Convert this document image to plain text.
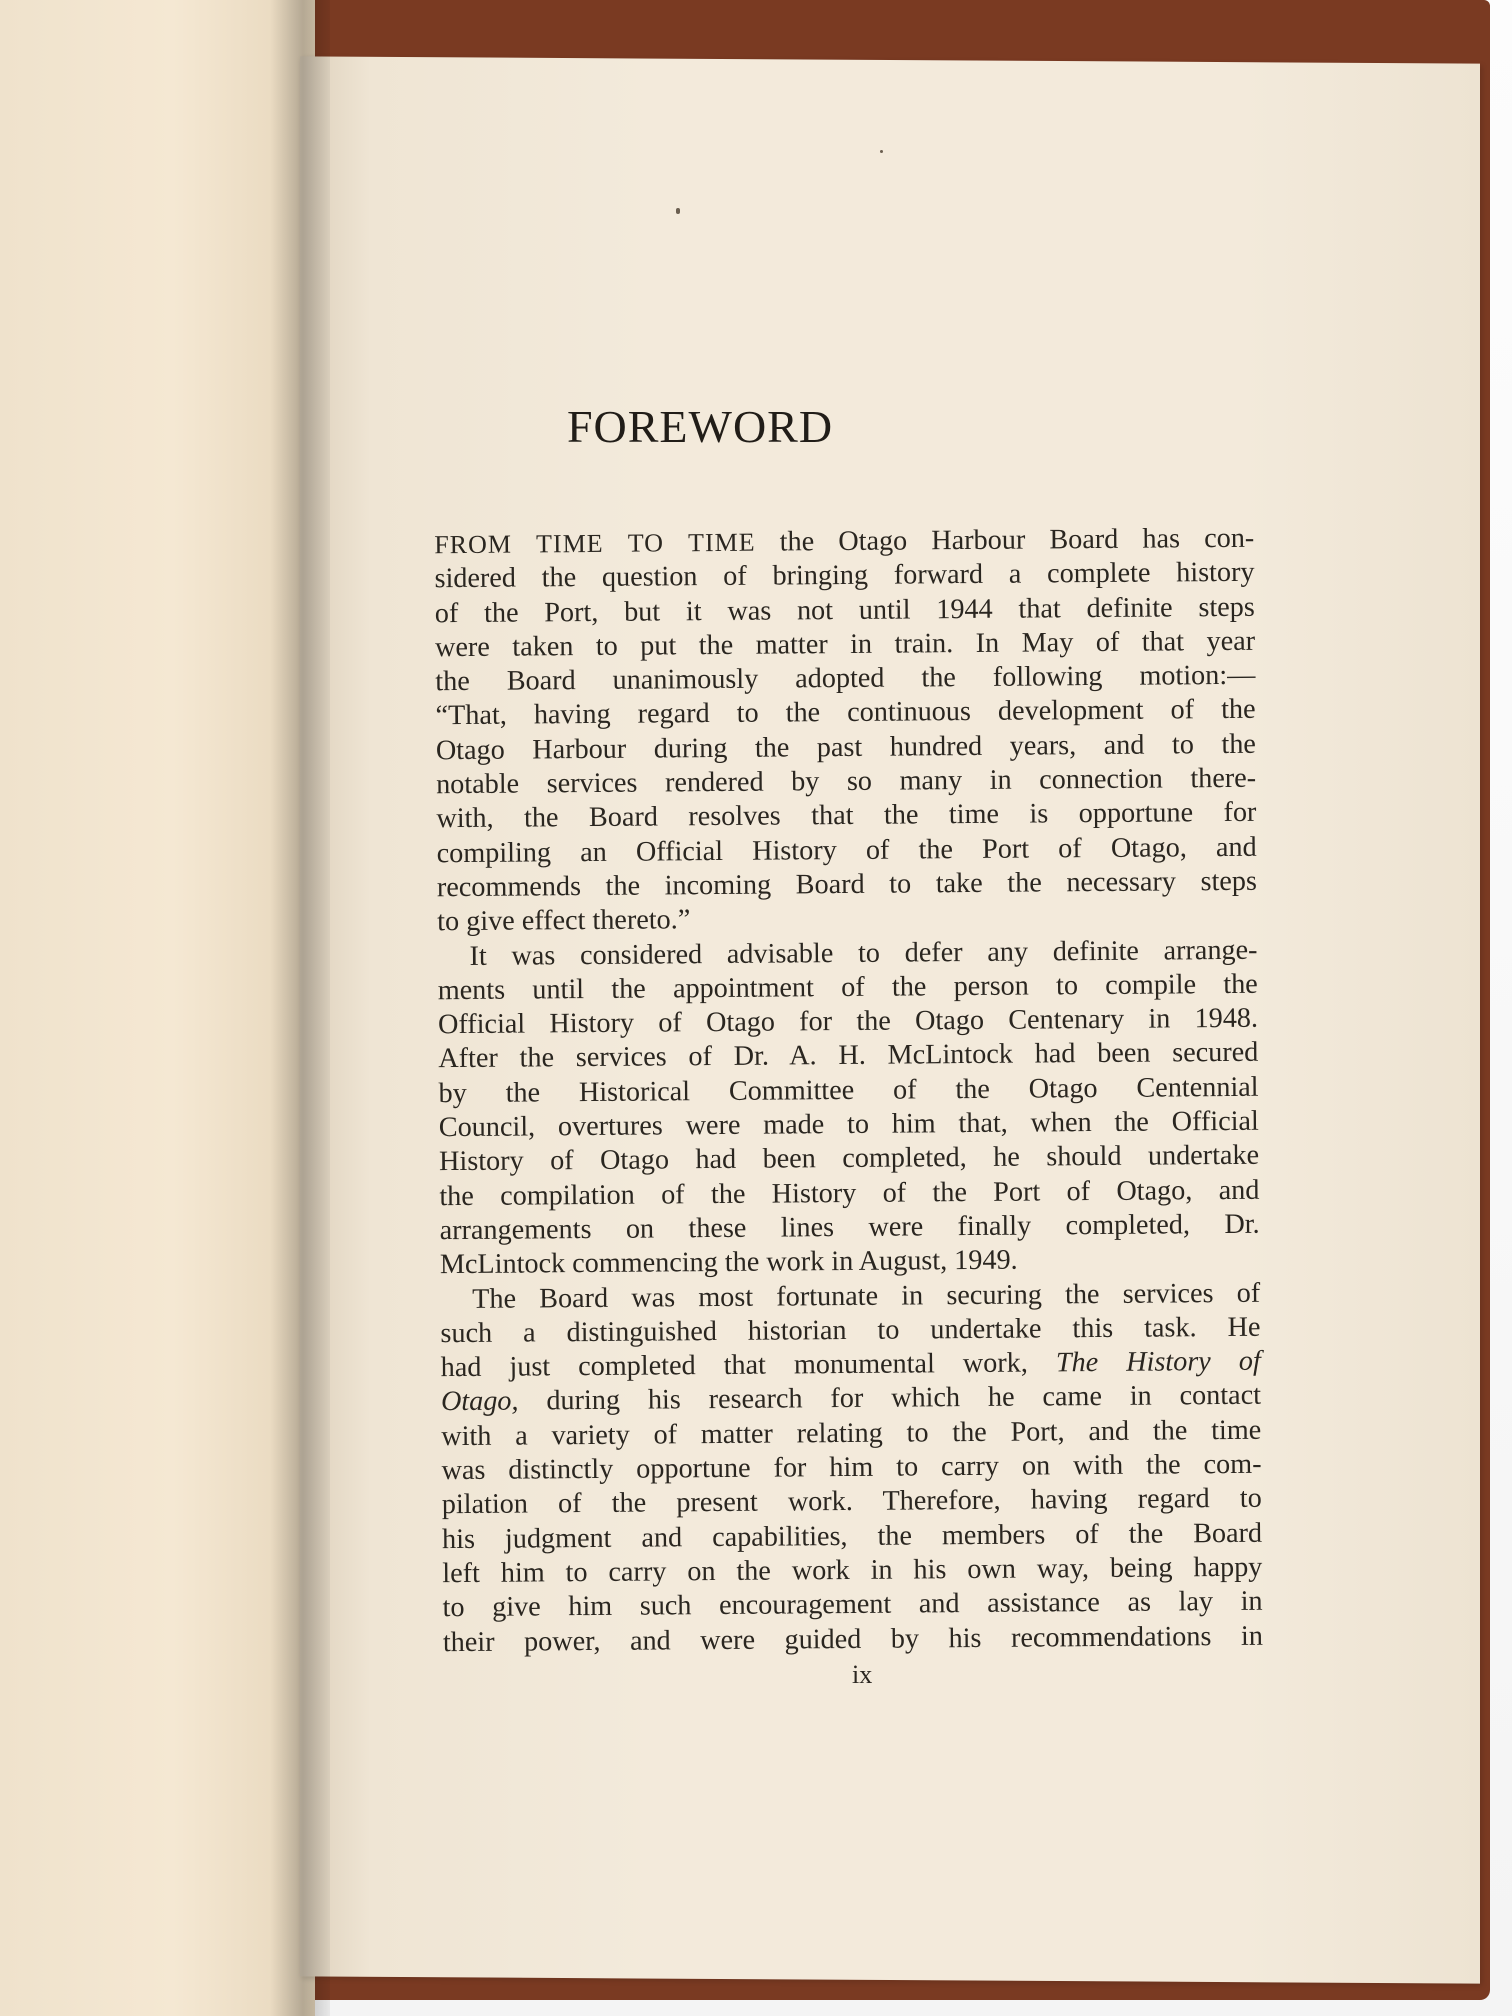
FOREWORD
FROM TIME TO TIME the Otago Harbour Board has con-
sidered the question of bringing forward a complete history
of the Port, but it was not until 1944 that definite steps
were taken to put the matter in train. In May of that year
the Board unanimously adopted the following motion:—
“That, having regard to the continuous development of the
Otago Harbour during the past hundred years, and to the
notable services rendered by so many in connection there-
with, the Board resolves that the time is opportune for
compiling an Official History of the Port of Otago, and
recommends the incoming Board to take the necessary steps
to give effect thereto.”
It was considered advisable to defer any definite arrange-
ments until the appointment of the person to compile the
Official History of Otago for the Otago Centenary in 1948.
After the services of Dr. A. H. McLintock had been secured
by the Historical Committee of the Otago Centennial
Council, overtures were made to him that, when the Official
History of Otago had been completed, he should undertake
the compilation of the History of the Port of Otago, and
arrangements on these lines were finally completed, Dr.
McLintock commencing the work in August, 1949.
The Board was most fortunate in securing the services of
such a distinguished historian to undertake this task. He
had just completed that monumental work, The History of
Otago, during his research for which he came in contact
with a variety of matter relating to the Port, and the time
was distinctly opportune for him to carry on with the com-
pilation of the present work. Therefore, having regard to
his judgment and capabilities, the members of the Board
left him to carry on the work in his own way, being happy
to give him such encouragement and assistance as lay in
their power, and were guided by his recommendations in
ix
